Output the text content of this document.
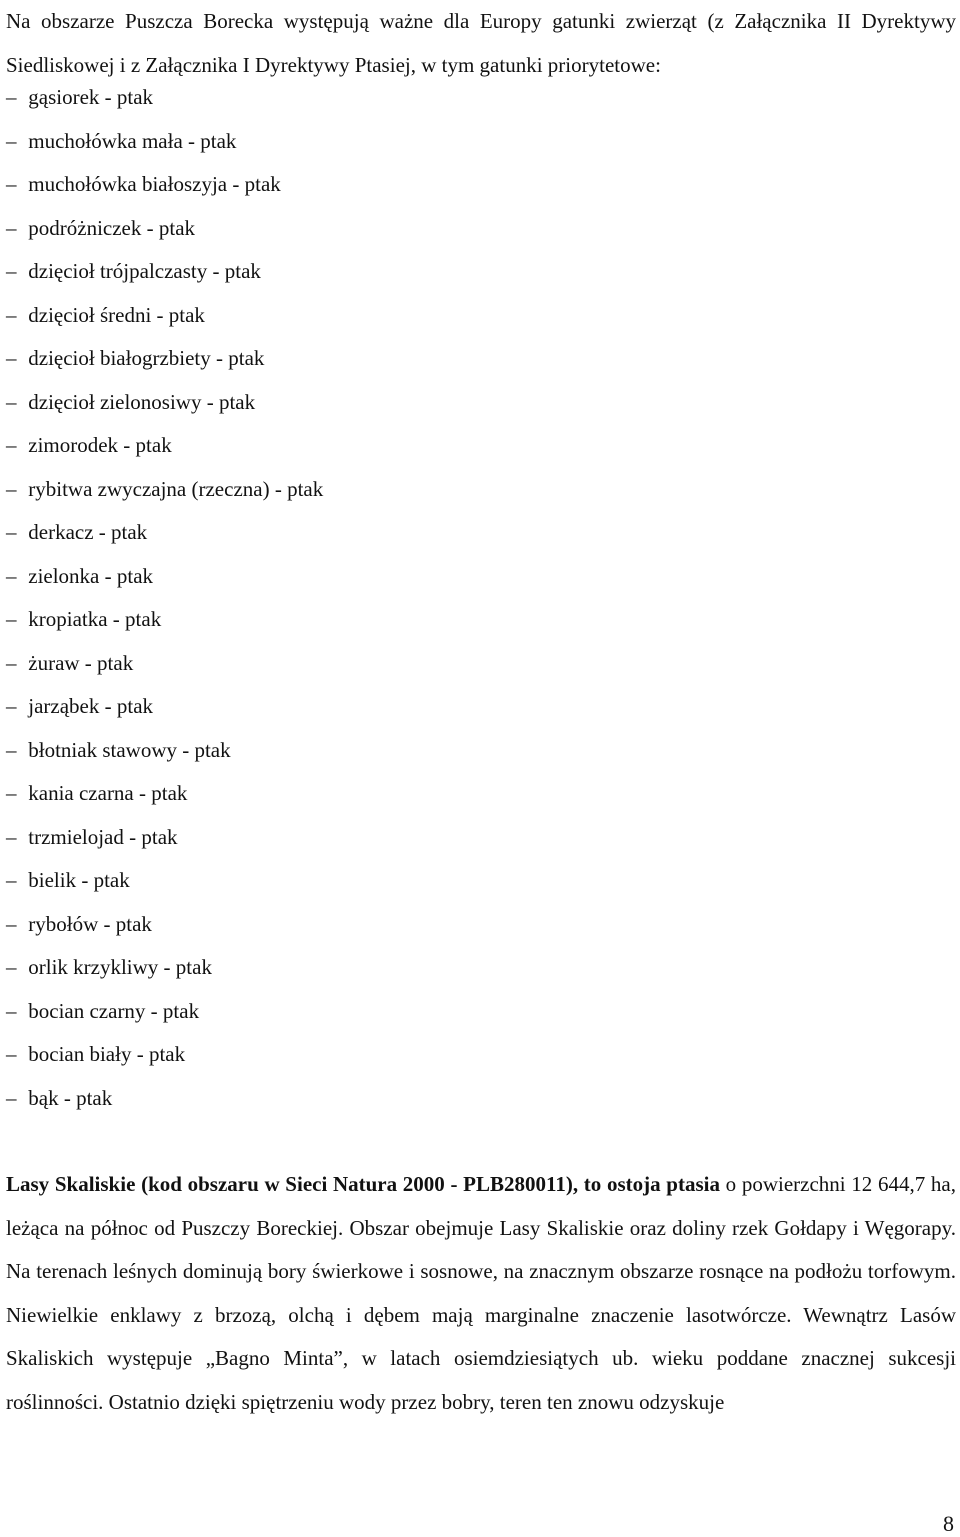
Na obszarze Puszcza Borecka występują ważne dla Europy gatunki zwierząt (z Załącznika II Dyrektywy Siedliskowej i z Załącznika I Dyrektywy Ptasiej, w tym gatunki priorytetowe:

– gąsiorek - ptak
– muchołówka mała - ptak
– muchołówka białoszyja - ptak
– podróżniczek - ptak
– dzięcioł trójpalczasty - ptak
– dzięcioł średni - ptak
– dzięcioł białogrzbiety - ptak
– dzięcioł zielonosiwy - ptak
– zimorodek - ptak
– rybitwa zwyczajna (rzeczna) - ptak
– derkacz - ptak
– zielonka - ptak
– kropiatka - ptak
– żuraw - ptak
– jarząbek - ptak
– błotniak stawowy - ptak
– kania czarna - ptak
– trzmielojad - ptak
– bielik - ptak
– rybołów - ptak
– orlik krzykliwy - ptak
– bocian czarny - ptak
– bocian biały - ptak
– bąk - ptak

Lasy Skaliskie (kod obszaru w Sieci Natura 2000 - PLB280011), to ostoja ptasia o powierzchni 12 644,7 ha, leżąca na północ od Puszczy Boreckiej. Obszar obejmuje Lasy Skaliskie oraz doliny rzek Gołdapy i Węgorapy. Na terenach leśnych dominują bory świerkowe i sosnowe, na znacznym obszarze rosnące na podłożu torfowym. Niewielkie enklawy z brzozą, olchą i dębem mają marginalne znaczenie lasotwórcze. Wewnątrz Lasów Skaliskich występuje „Bagno Minta”, w latach osiemdziesiątych ub. wieku poddane znacznej sukcesji roślinności. Ostatnio dzięki spiętrzeniu wody przez bobry, teren ten znowu odzyskuje

8
